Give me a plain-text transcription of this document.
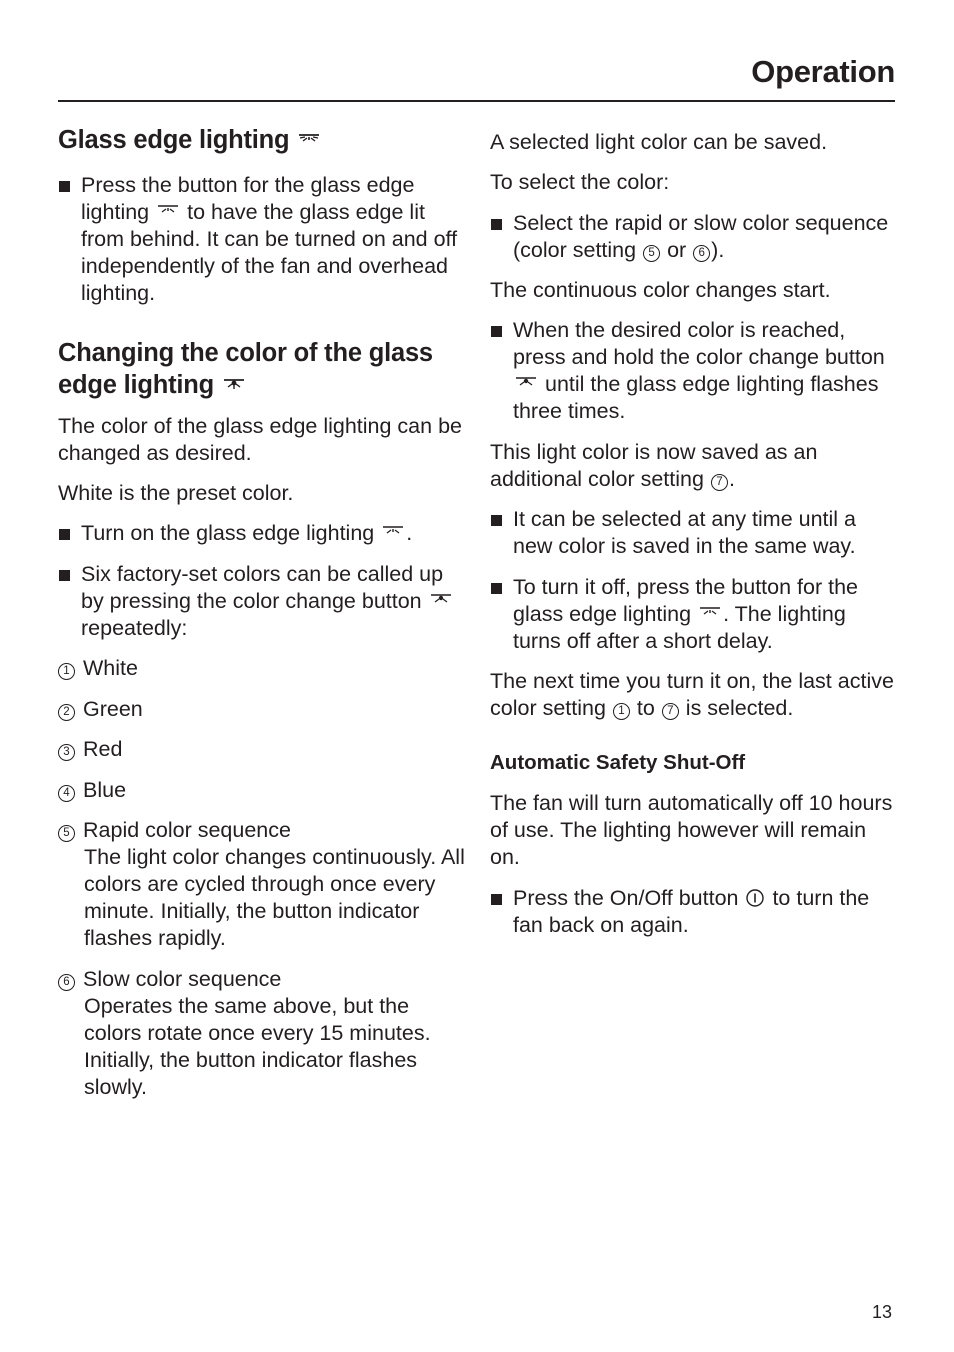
Operation
Glass edge lighting
Press the button for the glass edge lighting to have the glass edge lit from behind. It can be turned on and off independently of the fan and overhead lighting.
Changing the color of the glass edge lighting

The color of the glass edge lighting can be changed as desired.

White is the preset color.

Turn on the glass edge lighting .
Six factory-set colors can be called up by pressing the color change button
repeatedly:
1 White
2 Green
3 Red
4 Blue
5 Rapid color sequence
The light color changes continuously. All colors are cycled through once every minute. Initially, the button indicator flashes rapidly.
6 Slow color sequence
Operates the same above, but the colors rotate once every 15 minutes. Initially, the button indicator flashes slowly.

A selected light color can be saved.

To select the color:

Select the rapid or slow color sequence (color setting 5 or 6 ).

The continuous color changes start.

When the desired color is reached, press and hold the color change button
until the glass edge lighting flashes three times.

This light color is now saved as an additional color setting 7 .

It can be selected at any time until a new color is saved in the same way.
To turn it off, press the button for the glass edge lighting . The lighting turns off after a short delay.

The next time you turn it on, the last active color setting 1 to 7 is selected.

Automatic Safety Shut-Off

The fan will turn automatically off 10 hours of use. The lighting however will remain on.

Press the On/Off button to turn the fan back on again.
13
